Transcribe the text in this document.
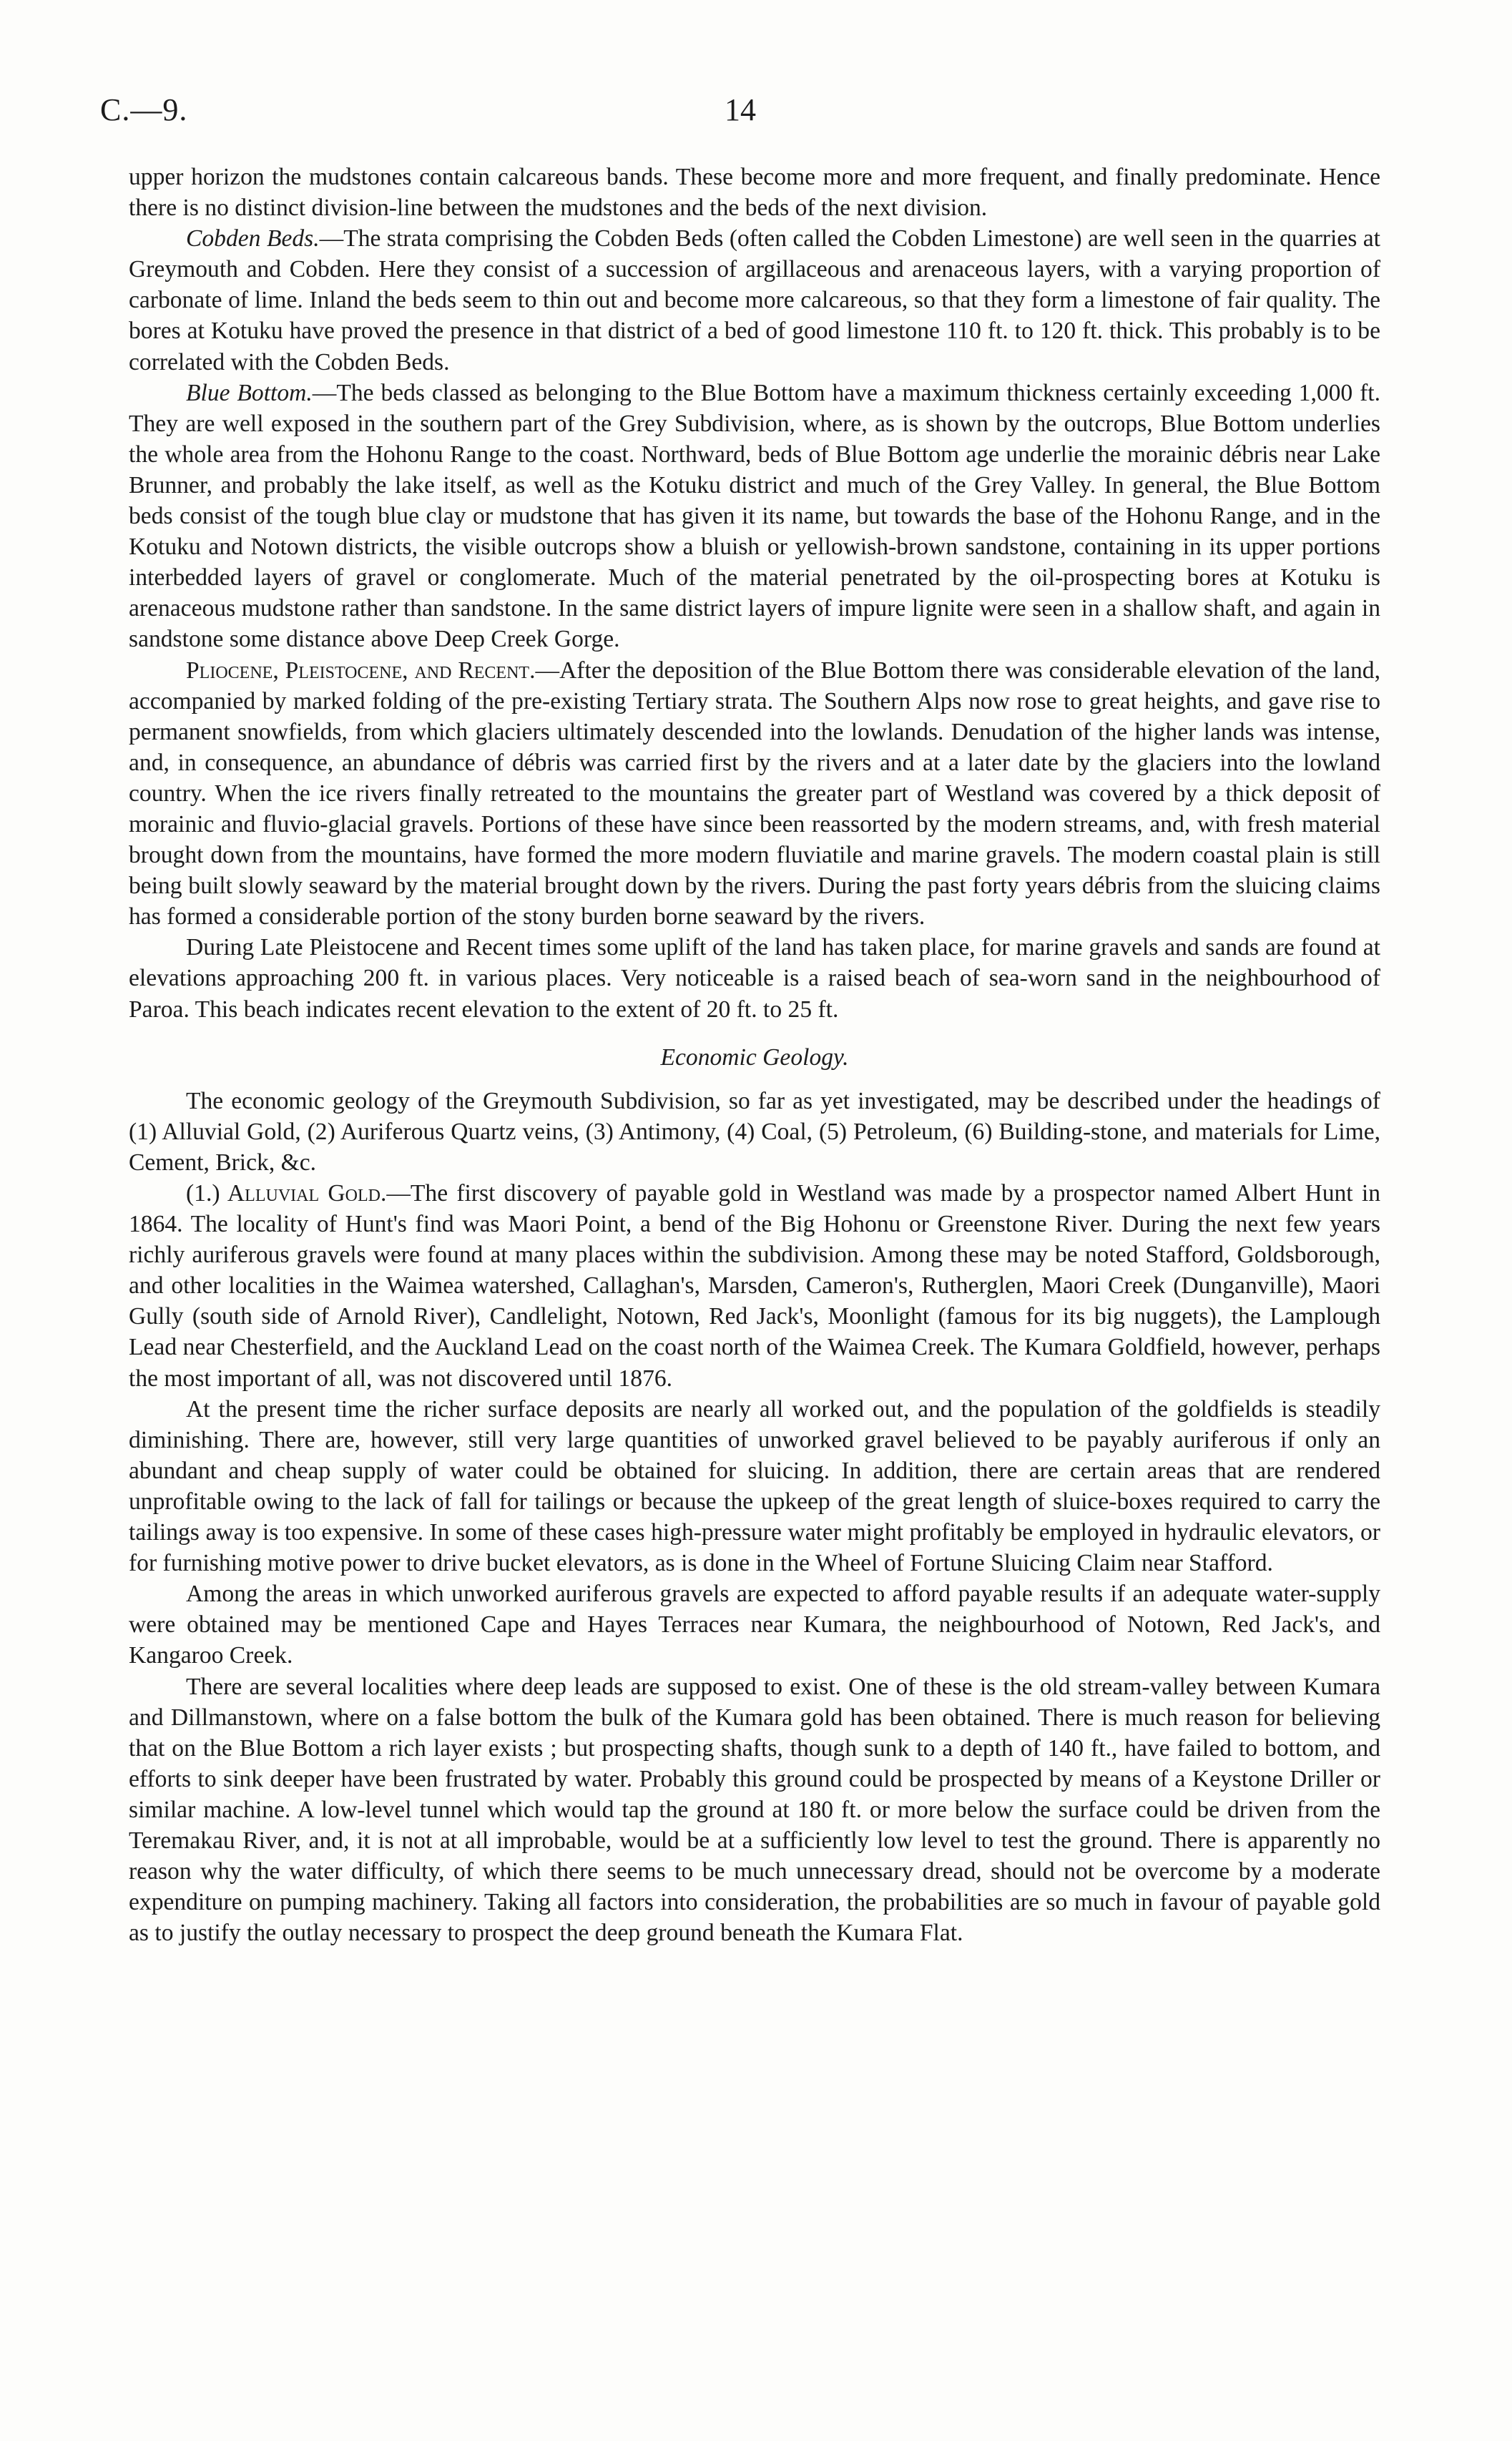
C.—9.	14

upper horizon the mudstones contain calcareous bands. These become more and more frequent, and finally predominate. Hence there is no distinct division-line between the mudstones and the beds of the next division.

Cobden Beds.—The strata comprising the Cobden Beds (often called the Cobden Limestone) are well seen in the quarries at Greymouth and Cobden. Here they consist of a succession of argillaceous and arenaceous layers, with a varying proportion of carbonate of lime. Inland the beds seem to thin out and become more calcareous, so that they form a limestone of fair quality. The bores at Kotuku have proved the presence in that district of a bed of good limestone 110 ft. to 120 ft. thick. This probably is to be correlated with the Cobden Beds.

Blue Bottom.—The beds classed as belonging to the Blue Bottom have a maximum thickness certainly exceeding 1,000 ft. They are well exposed in the southern part of the Grey Subdivision, where, as is shown by the outcrops, Blue Bottom underlies the whole area from the Hohonu Range to the coast. Northward, beds of Blue Bottom age underlie the morainic débris near Lake Brunner, and probably the lake itself, as well as the Kotuku district and much of the Grey Valley. In general, the Blue Bottom beds consist of the tough blue clay or mudstone that has given it its name, but towards the base of the Hohonu Range, and in the Kotuku and Notown districts, the visible outcrops show a bluish or yellowish-brown sandstone, containing in its upper portions interbedded layers of gravel or conglomerate. Much of the material penetrated by the oil-prospecting bores at Kotuku is arenaceous mudstone rather than sandstone. In the same district layers of impure lignite were seen in a shallow shaft, and again in sandstone some distance above Deep Creek Gorge.

Pliocene, Pleistocene, and Recent.—After the deposition of the Blue Bottom there was considerable elevation of the land, accompanied by marked folding of the pre-existing Tertiary strata. The Southern Alps now rose to great heights, and gave rise to permanent snowfields, from which glaciers ultimately descended into the lowlands. Denudation of the higher lands was intense, and, in consequence, an abundance of débris was carried first by the rivers and at a later date by the glaciers into the lowland country. When the ice rivers finally retreated to the mountains the greater part of Westland was covered by a thick deposit of morainic and fluvio-glacial gravels. Portions of these have since been reassorted by the modern streams, and, with fresh material brought down from the mountains, have formed the more modern fluviatile and marine gravels. The modern coastal plain is still being built slowly seaward by the material brought down by the rivers. During the past forty years débris from the sluicing claims has formed a considerable portion of the stony burden borne seaward by the rivers.

During Late Pleistocene and Recent times some uplift of the land has taken place, for marine gravels and sands are found at elevations approaching 200 ft. in various places. Very noticeable is a raised beach of sea-worn sand in the neighbourhood of Paroa. This beach indicates recent elevation to the extent of 20 ft. to 25 ft.

Economic Geology.

The economic geology of the Greymouth Subdivision, so far as yet investigated, may be described under the headings of (1) Alluvial Gold, (2) Auriferous Quartz veins, (3) Antimony, (4) Coal, (5) Petroleum, (6) Building-stone, and materials for Lime, Cement, Brick, &c.

(1.) Alluvial Gold.—The first discovery of payable gold in Westland was made by a prospector named Albert Hunt in 1864. The locality of Hunt's find was Maori Point, a bend of the Big Hohonu or Greenstone River. During the next few years richly auriferous gravels were found at many places within the subdivision. Among these may be noted Stafford, Goldsborough, and other localities in the Waimea watershed, Callaghan's, Marsden, Cameron's, Rutherglen, Maori Creek (Dunganville), Maori Gully (south side of Arnold River), Candlelight, Notown, Red Jack's, Moonlight (famous for its big nuggets), the Lamplough Lead near Chesterfield, and the Auckland Lead on the coast north of the Waimea Creek. The Kumara Goldfield, however, perhaps the most important of all, was not discovered until 1876.

At the present time the richer surface deposits are nearly all worked out, and the population of the goldfields is steadily diminishing. There are, however, still very large quantities of unworked gravel believed to be payably auriferous if only an abundant and cheap supply of water could be obtained for sluicing. In addition, there are certain areas that are rendered unprofitable owing to the lack of fall for tailings or because the upkeep of the great length of sluice-boxes required to carry the tailings away is too expensive. In some of these cases high-pressure water might profitably be employed in hydraulic elevators, or for furnishing motive power to drive bucket elevators, as is done in the Wheel of Fortune Sluicing Claim near Stafford.

Among the areas in which unworked auriferous gravels are expected to afford payable results if an adequate water-supply were obtained may be mentioned Cape and Hayes Terraces near Kumara, the neighbourhood of Notown, Red Jack's, and Kangaroo Creek.

There are several localities where deep leads are supposed to exist. One of these is the old stream-valley between Kumara and Dillmanstown, where on a false bottom the bulk of the Kumara gold has been obtained. There is much reason for believing that on the Blue Bottom a rich layer exists ; but prospecting shafts, though sunk to a depth of 140 ft., have failed to bottom, and efforts to sink deeper have been frustrated by water. Probably this ground could be prospected by means of a Keystone Driller or similar machine. A low-level tunnel which would tap the ground at 180 ft. or more below the surface could be driven from the Teremakau River, and, it is not at all improbable, would be at a sufficiently low level to test the ground. There is apparently no reason why the water difficulty, of which there seems to be much unnecessary dread, should not be overcome by a moderate expenditure on pumping machinery. Taking all factors into consideration, the probabilities are so much in favour of payable gold as to justify the outlay necessary to prospect the deep ground beneath the Kumara Flat.
